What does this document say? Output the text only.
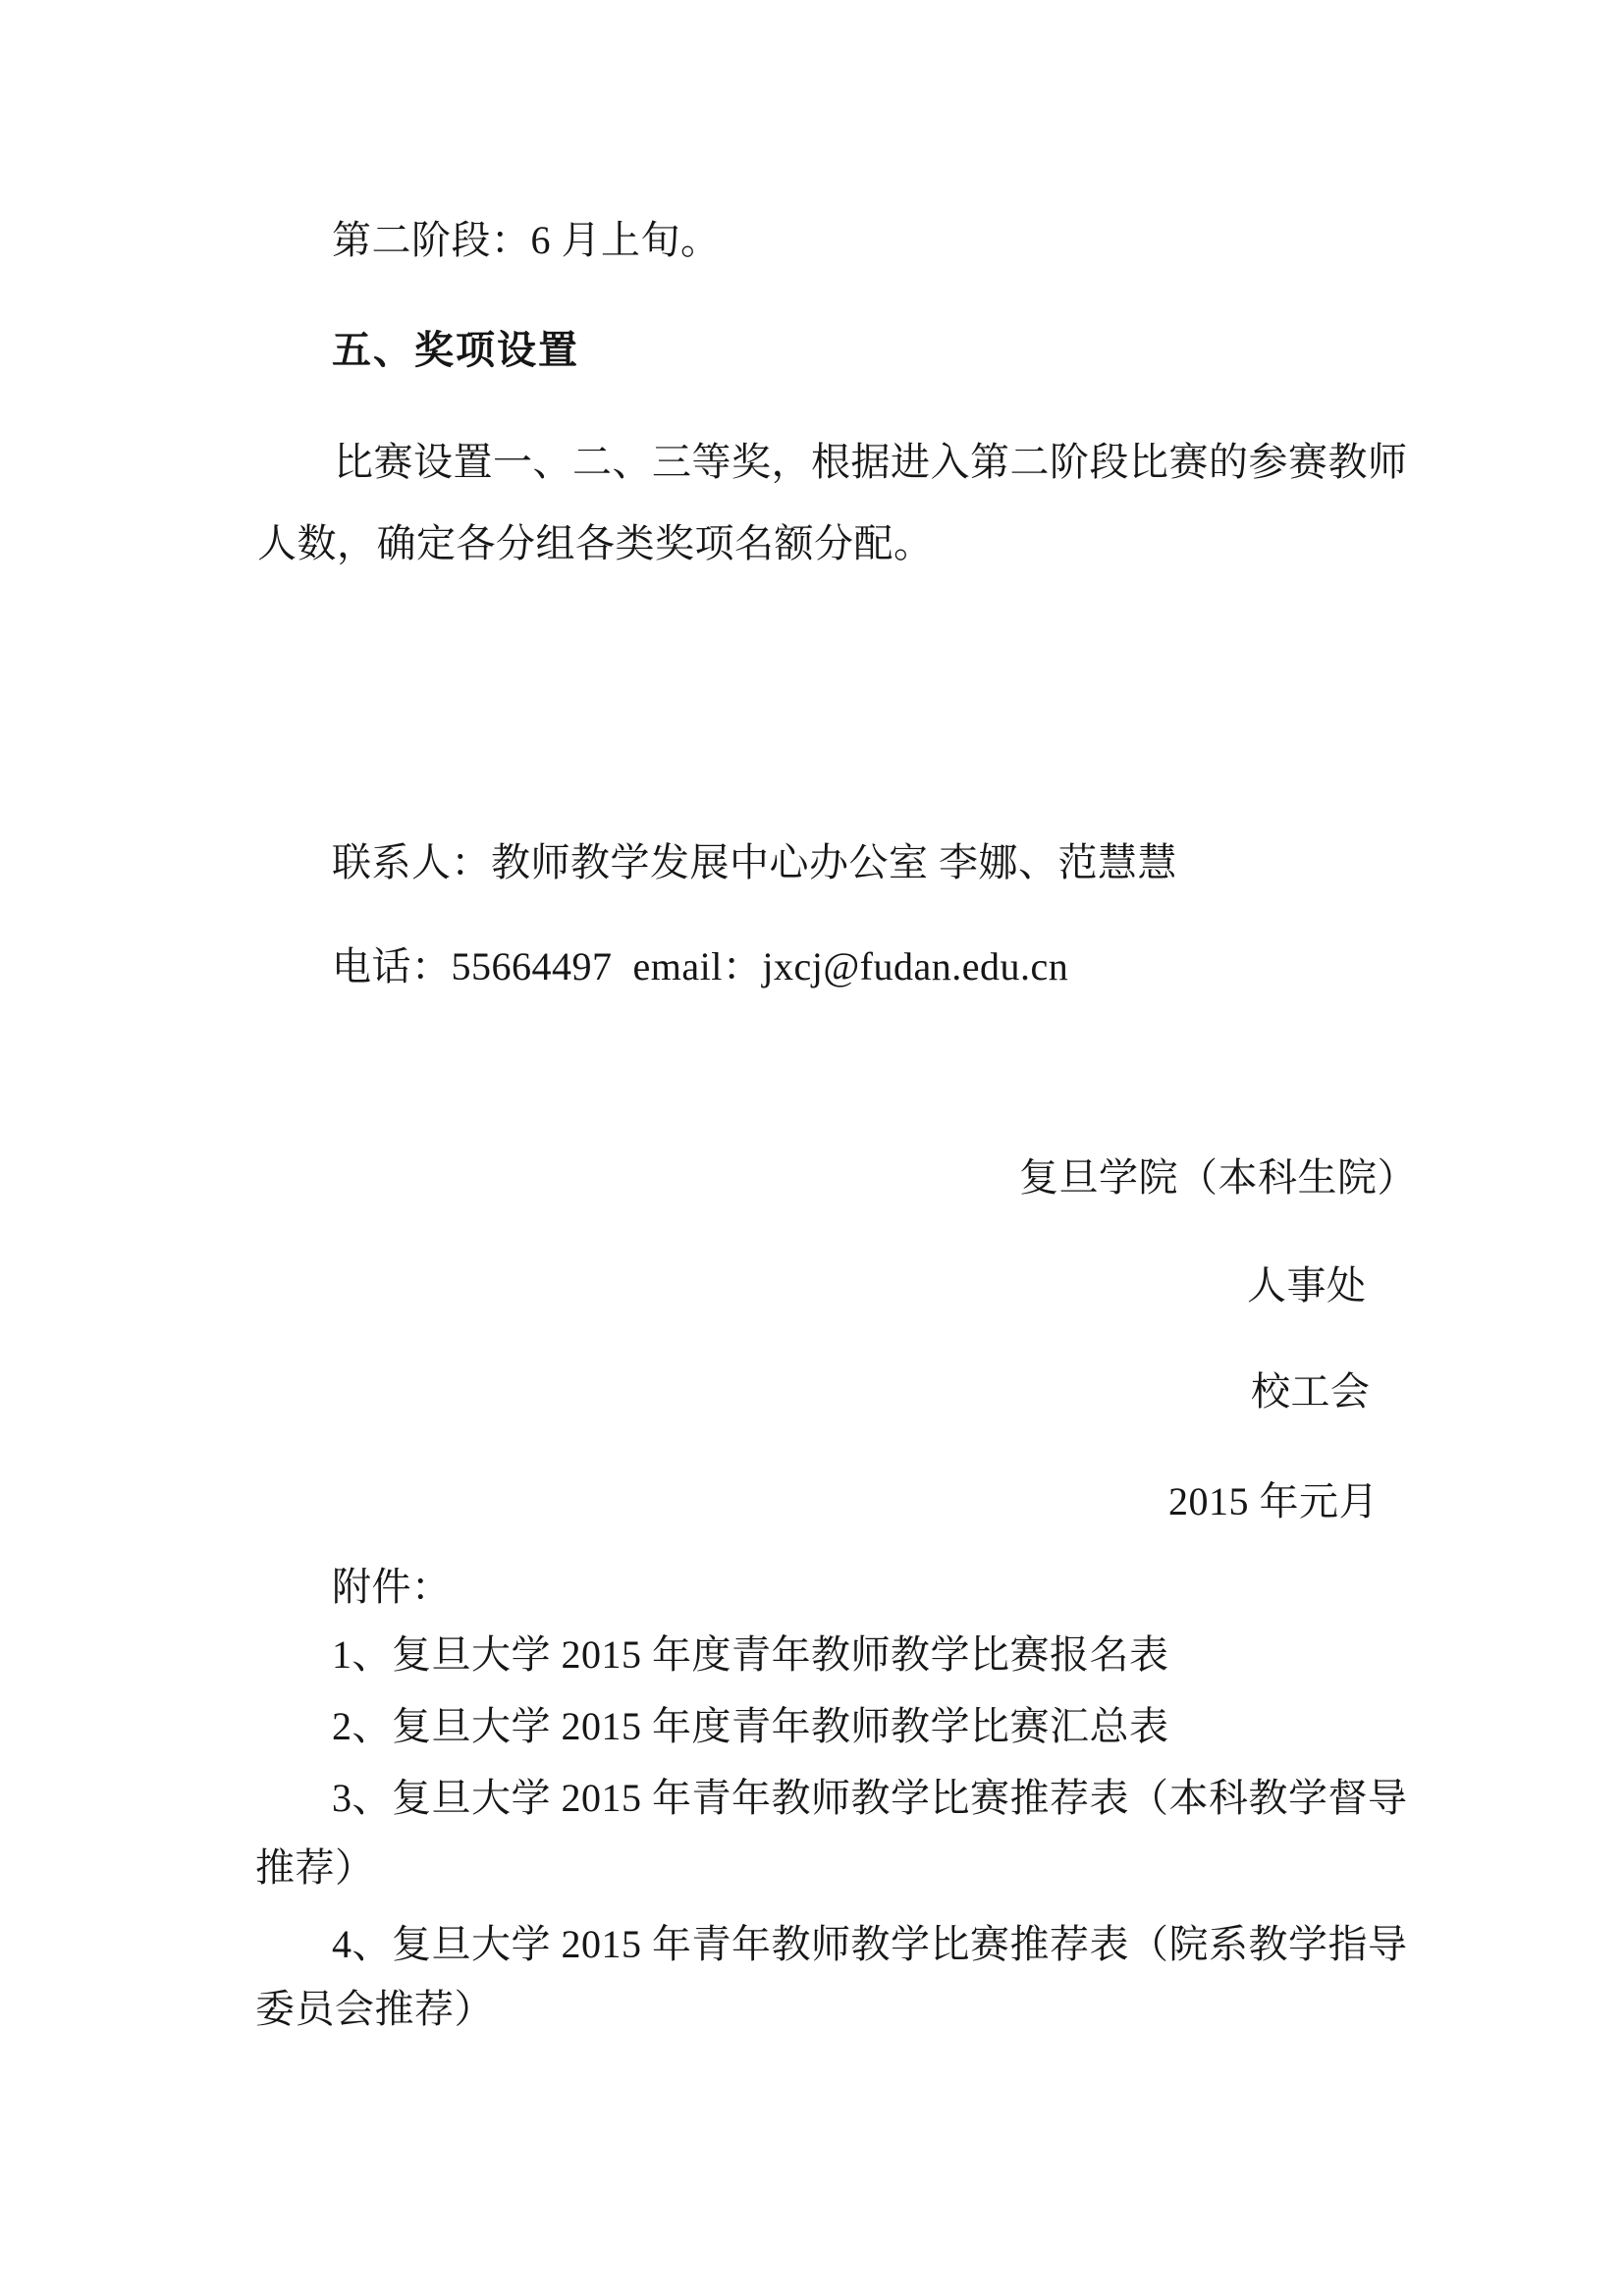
第二阶段：6 月上旬。
五、奖项设置
比赛设置一、二、三等奖，根据进入第二阶段比赛的参赛教师
人数，确定各分组各类奖项名额分配。
联系人：教师教学发展中心办公室 李娜、范慧慧
电话：55664497  email：jxcj@fudan.edu.cn
复旦学院（本科生院）
人事处
校工会
2015 年元月
附件：
1、复旦大学 2015 年度青年教师教学比赛报名表
2、复旦大学 2015 年度青年教师教学比赛汇总表
3、复旦大学 2015 年青年教师教学比赛推荐表（本科教学督导
推荐）
4、复旦大学 2015 年青年教师教学比赛推荐表（院系教学指导
委员会推荐）
